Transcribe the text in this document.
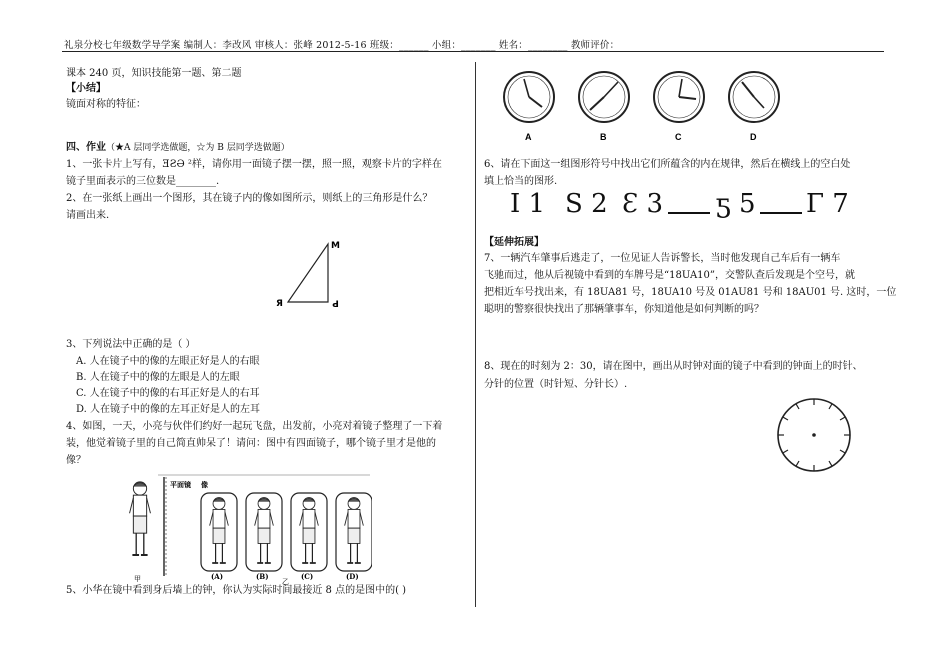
礼泉分校七年级数学导学案 编制人：李改风 审核人：张峰 2012-5-16 班级：______ 小组：_______ 姓名：________ 教师评价：
课本 240 页，知识技能第一题、第二题
【小结】
镜面对称的特征：
四、作业（★A 层同学选做题，☆为 B 层同学选做题）
1、一张卡片上写有，ƎƧƏ ²样，请你用一面镜子摆一摆，照一照，观察卡片的字样在
镜子里面表示的三位数是________.
2、在一张纸上画出一个图形，其在镜子内的像如图所示，则纸上的三角形是什么？
请画出来.
M
Я	Ԁ
3、下列说法中正确的是（ ）
A. 人在镜子中的像的左眼正好是人的右眼
B. 人在镜子中的像的左眼是人的左眼
C. 人在镜子中的像的右耳正好是人的右耳
D. 人在镜子中的像的左耳正好是人的左耳
4、如图，一天，小亮与伙伴们约好一起玩飞盘，出发前，小亮对着镜子整理了一下着
装，他觉着镜子里的自己简直帅呆了！请问：图中有四面镜子，哪个镜子里才是他的
像？
平面镜
甲
像
(A)	(B)	(C)	(D)
乙
5、小华在镜中看到身后墙上的钟，你认为实际时间最接近 8 点的是图中的( )
A	B	C	D
6、请在下面这一组图形符号中找出它们所蕴含的内在规律，然后在横线上的空白处
填上恰当的图形.
I 1 S 2 Ɛ 3 ƽ 5 Γ 7
【延伸拓展】
7、一辆汽车肇事后逃走了，一位见证人告诉警长，当时他发现自己车后有一辆车
飞驰而过，他从后视镜中看到的车牌号是“18UA10”，交警队查后发现是个空号，就
把相近车号找出来，有 18UA81 号，18UA10 号及 01AU81 号和 18AU01 号. 这时，一位
聪明的警察很快找出了那辆肇事车，你知道他是如何判断的吗？
8、现在的时刻为 2：30，请在图中，画出从时钟对面的镜子中看到的钟面上的时针、
分针的位置（时针短、分针长）.
